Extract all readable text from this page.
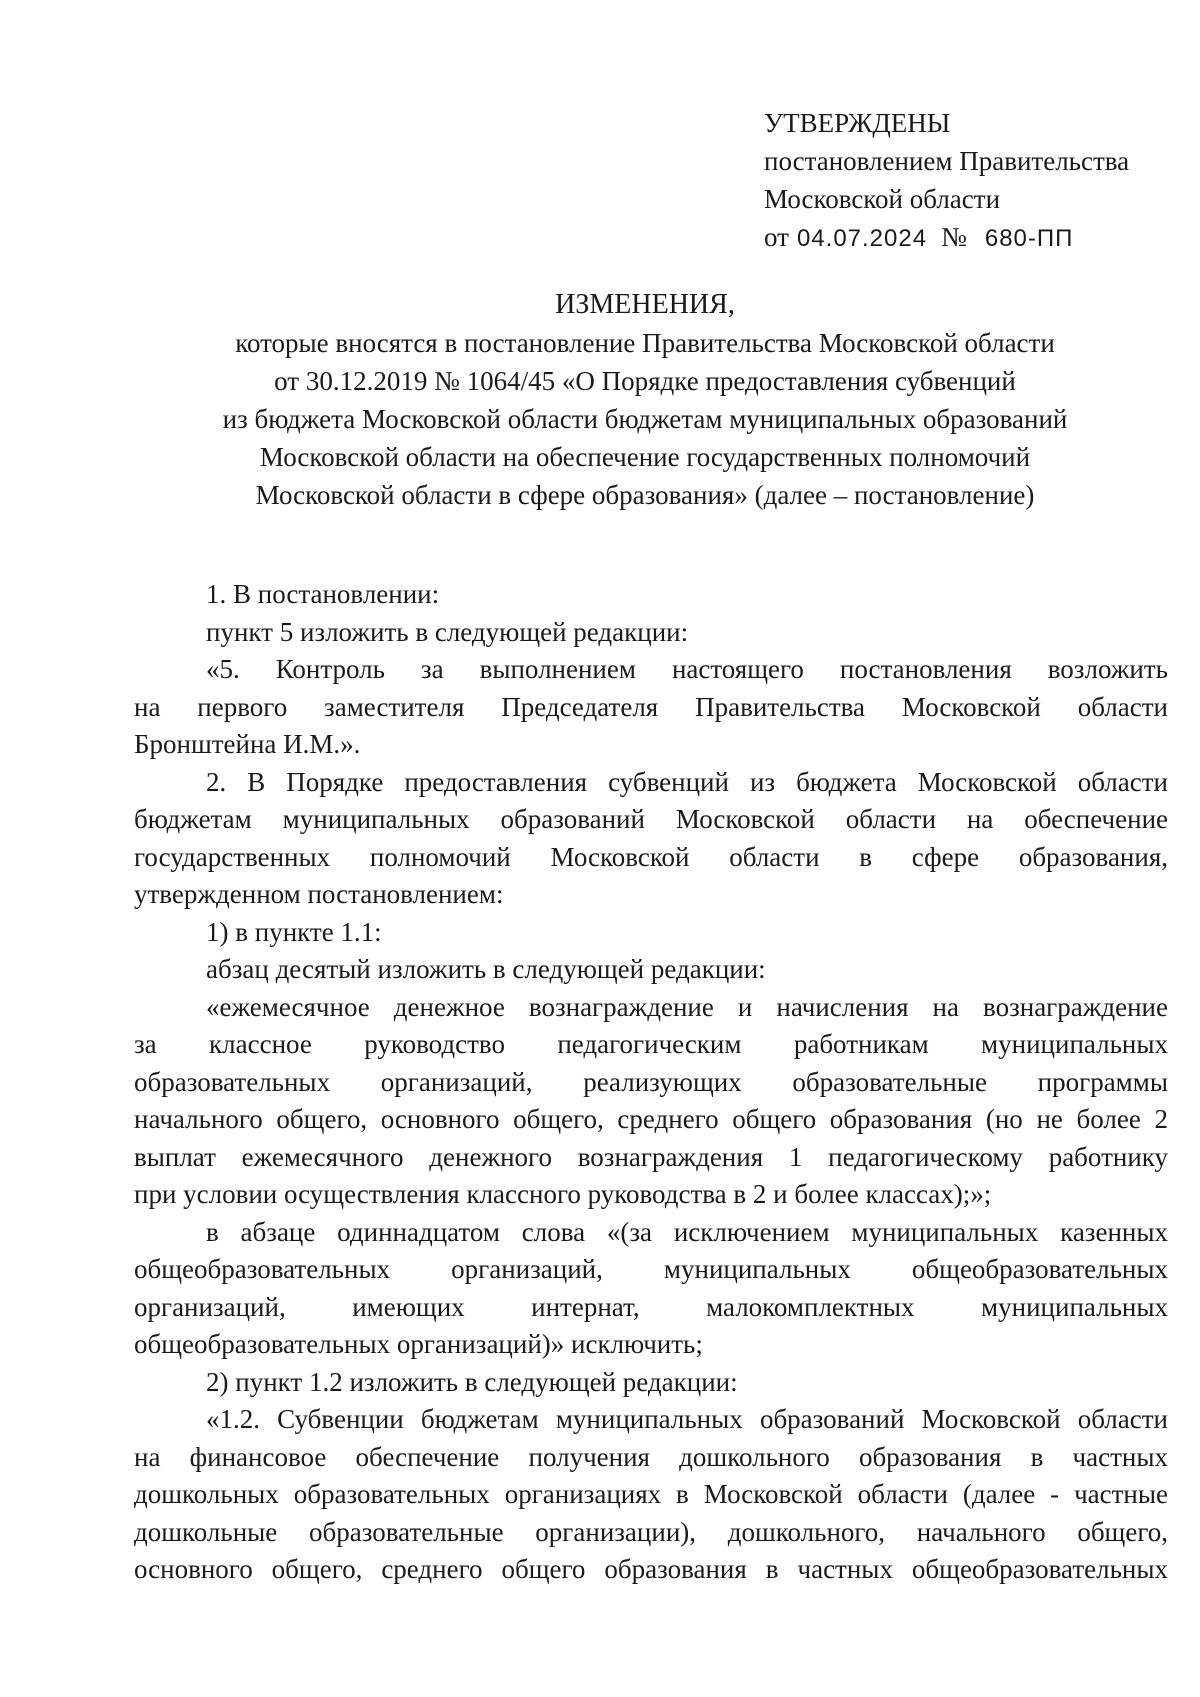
УТВЕРЖДЕНЫ
постановлением Правительства
Московской области
от 04.07.2024 № 680-ПП
ИЗМЕНЕНИЯ,
которые вносятся в постановление Правительства Московской области
от 30.12.2019 № 1064/45 «О Порядке предоставления субвенций
из бюджета Московской области бюджетам муниципальных образований
Московской области на обеспечение государственных полномочий
Московской области в сфере образования» (далее – постановление)

1. В постановлении:

пункт 5 изложить в следующей редакции:

«5. Контроль за выполнением настоящего постановления возложить
на первого заместителя Председателя Правительства Московской области
Бронштейна И.М.».
2. В Порядке предоставления субвенций из бюджета Московской области
бюджетам муниципальных образований Московской области на обеспечение
государственных полномочий Московской области в сфере образования,
утвержденном постановлением:

1) в пункте 1.1:

абзац десятый изложить в следующей редакции:

«ежемесячное денежное вознаграждение и начисления на вознаграждение
за классное руководство педагогическим работникам муниципальных
образовательных организаций, реализующих образовательные программы
начального общего, основного общего, среднего общего образования (но не более 2
выплат ежемесячного денежного вознаграждения 1 педагогическому работнику
при условии осуществления классного руководства в 2 и более классах);»;
в абзаце одиннадцатом слова «(за исключением муниципальных казенных
общеобразовательных организаций, муниципальных общеобразовательных
организаций, имеющих интернат, малокомплектных муниципальных
общеобразовательных организаций)» исключить;

2) пункт 1.2 изложить в следующей редакции:

«1.2. Субвенции бюджетам муниципальных образований Московской области
на финансовое обеспечение получения дошкольного образования в частных
дошкольных образовательных организациях в Московской области (далее - частные
дошкольные образовательные организации), дошкольного, начального общего,
основного общего, среднего общего образования в частных общеобразовательных
